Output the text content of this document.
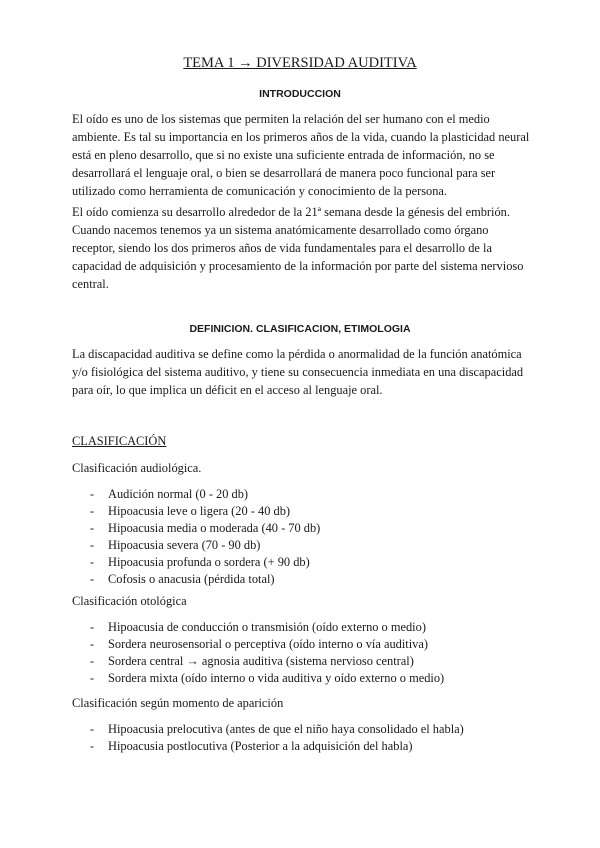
TEMA 1 → DIVERSIDAD AUDITIVA
INTRODUCCION

El oído es uno de los sistemas que permiten la relación del ser humano con el medio ambiente. Es tal su importancia en los primeros años de la vida, cuando la plasticidad neural está en pleno desarrollo, que si no existe una suficiente entrada de información, no se desarrollará el lenguaje oral, o bien se desarrollará de manera poco funcional para ser utilizado como herramienta de comunicación y conocimiento de la persona.

El oído comienza su desarrollo alrededor de la 21ª semana desde la génesis del embrión. Cuando nacemos tenemos ya un sistema anatómicamente desarrollado como órgano receptor, siendo los dos primeros años de vida fundamentales para el desarrollo de la capacidad de adquisición y procesamiento de la información por parte del sistema nervioso central.

DEFINICION. CLASIFICACION, ETIMOLOGIA

La discapacidad auditiva se define como la pérdida o anormalidad de la función anatómica y/o fisiológica del sistema auditivo, y tiene su consecuencia inmediata en una discapacidad para oír, lo que implica un déficit en el acceso al lenguaje oral.

CLASIFICACIÓN

Clasificación audiológica.

- Audición normal (0 - 20 db)
- Hipoacusia leve o ligera (20 - 40 db)
- Hipoacusia media o moderada (40 - 70 db)
- Hipoacusia severa (70 - 90 db)
- Hipoacusia profunda o sordera (+ 90 db)
- Cofosis o anacusia (pérdida total)

Clasificación otológica

- Hipoacusia de conducción o transmisión (oído externo o medio)
- Sordera neurosensorial o perceptiva (oído interno o vía auditiva)
- Sordera central → agnosia auditiva (sistema nervioso central)
- Sordera mixta (oído interno o vida auditiva y oído externo o medio)

Clasificación según momento de aparición

- Hipoacusia prelocutiva (antes de que el niño haya consolidado el habla)
- Hipoacusia postlocutiva (Posterior a la adquisición del habla)
